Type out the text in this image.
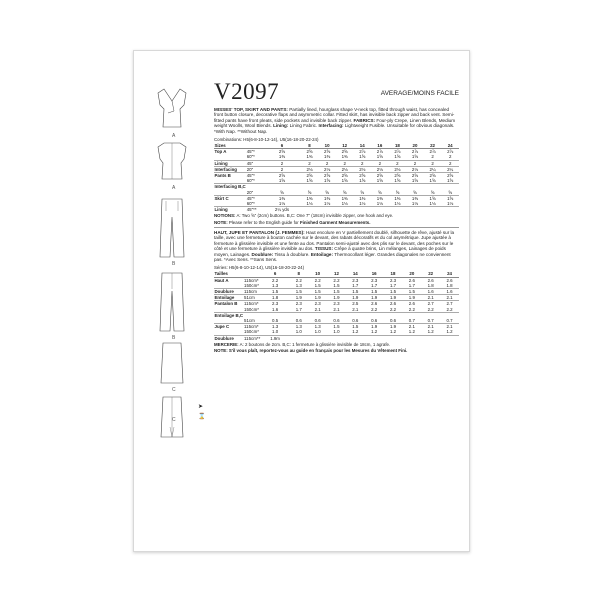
A
A
B
B
C
C
➤
⌛
V2097	AVERAGE/MOINS FACILE
MISSES' TOP, SKIRT AND PANTS: Partially lined, hourglass shape V-neck top, fitted through waist, has concealed front button closure, decorative flaps and asymmetric collar. Fitted skirt, has invisible back zipper and back vent. Semi-fitted pants have front pleats, side pockets and invisible back zipper. FABRICS: Four-ply Crepe, Linen Blends, Medium weight Woolls, Wool Blends. Lining: Lining Fabric. Interfacing: Lightweight Fusible. Unsuitable for obvious diagonals. *With Nap. **Without Nap.
Combinations: H5(6-8-10-12-14), U5(16-18-20-22-24)
Sizes		6	8	10	12	14	16	18	20	22	24
Top A	45"*	2⅝	2⅝	2⅝	2⅝	2⅞	2⅞	2⅞	2⅞	2⅞	2⅞
	60"*	1⅜	1⅜	1⅜	1⅜	1⅝	1⅝	1⅝	1⅝	2	2
Lining	45"	2	2	2	2	2	2	2	2	2	2
Interfacing	20"	2	2⅛	2⅛	2⅛	2⅛	2⅛	2⅛	2⅛	2¼	2¼
Pants B	45"*	2⅝	2⅝	2⅝	2⅝	2⅝	2⅝	2⅝	2⅝	2⅝	2⅝
	60"*	1⅝	1⅝	1⅝	1⅝	1⅝	1⅝	1⅝	1⅝	1⅝	1⅝
Interfacing B,C											
	20"	⅝	⅝	⅝	⅝	⅝	⅝	⅝	⅝	⅝	⅝
Skirt C	45"*	1⅜	1⅜	1⅜	1⅜	1⅜	1⅜	1⅜	1⅜	1⅝	1⅝
	60"*	1⅛	1⅛	1⅛	1⅛	1⅛	1⅛	1⅛	1⅛	1⅛	1⅛
Lining	45"**	2¼ yds									
NOTIONS: A: Two ⅝" (2cm) buttons. B,C: One 7" (18cm) invisible zipper, one hook and eye.
NOTE: Please refer to the English guide for Finished Garment Measurements.
HAUT, JUPE ET PANTALON (J. FEMMES): Haut encolure en V partiellement doublé, silhouette de rêve, ajusté sur la taille, avec une fermeture à bouton cachée sur le devant, des rabats décoratifs et du col asymétrique. Jupe ajustée à fermeture à glissière invisible et une fente au dos. Pantalon semi-ajusté avec des plis sur le devant, des poches sur le côté et une fermeture à glissière invisible au dos. TISSUS: Crêpe à quatre brins, Lin mélanges, Lainages de poids moyen, Lainages. Doublure: Tissu à doublure. Entoilage: Thermocollant léger. Grandes diagonales ne conviennent pas. *Avec Sens. **Sans Sens.
Séries: H5(6-8-10-12-14), U5(16-18-20-22-24)
Tailles		6	8	10	12	14	16	18	20	22	24
Haut A	115cm*	2.2	2.2	2.2	2.2	2.3	2.3	2.3	2.6	2.6	2.6
	150cm*	1.3	1.3	1.5	1.5	1.7	1.7	1.7	1.7	1.8	1.8
Doublure	115cm	1.5	1.5	1.5	1.5	1.5	1.5	1.5	1.5	1.6	1.6
Entoilage	51cm	1.8	1.9	1.9	1.9	1.9	1.9	1.9	1.9	2.1	2.1
Pantalon B	115cm*	2.3	2.3	2.3	2.3	2.5	2.6	2.6	2.6	2.7	2.7
	150cm*	1.6	1.7	2.1	2.1	2.1	2.2	2.2	2.2	2.2	2.2
Entoilage B,C											
	51cm	0.5	0.6	0.6	0.6	0.6	0.6	0.6	0.7	0.7	0.7
Jupe C	115cm*	1.3	1.3	1.3	1.5	1.5	1.9	1.9	2.1	2.1	2.1
	150cm*	1.0	1.0	1.0	1.0	1.2	1.2	1.2	1.2	1.2	1.2
Doublure	115cm**	1.9m									
MERCERIE: A: 2 boutons de 2cm. B,C: 1 fermeture à glissière invisible de 18cm, 1 agrafe.
NOTE: S'il vous plaît, reportez-vous au guide en français pour les Mesures du Vêtement Fini.
